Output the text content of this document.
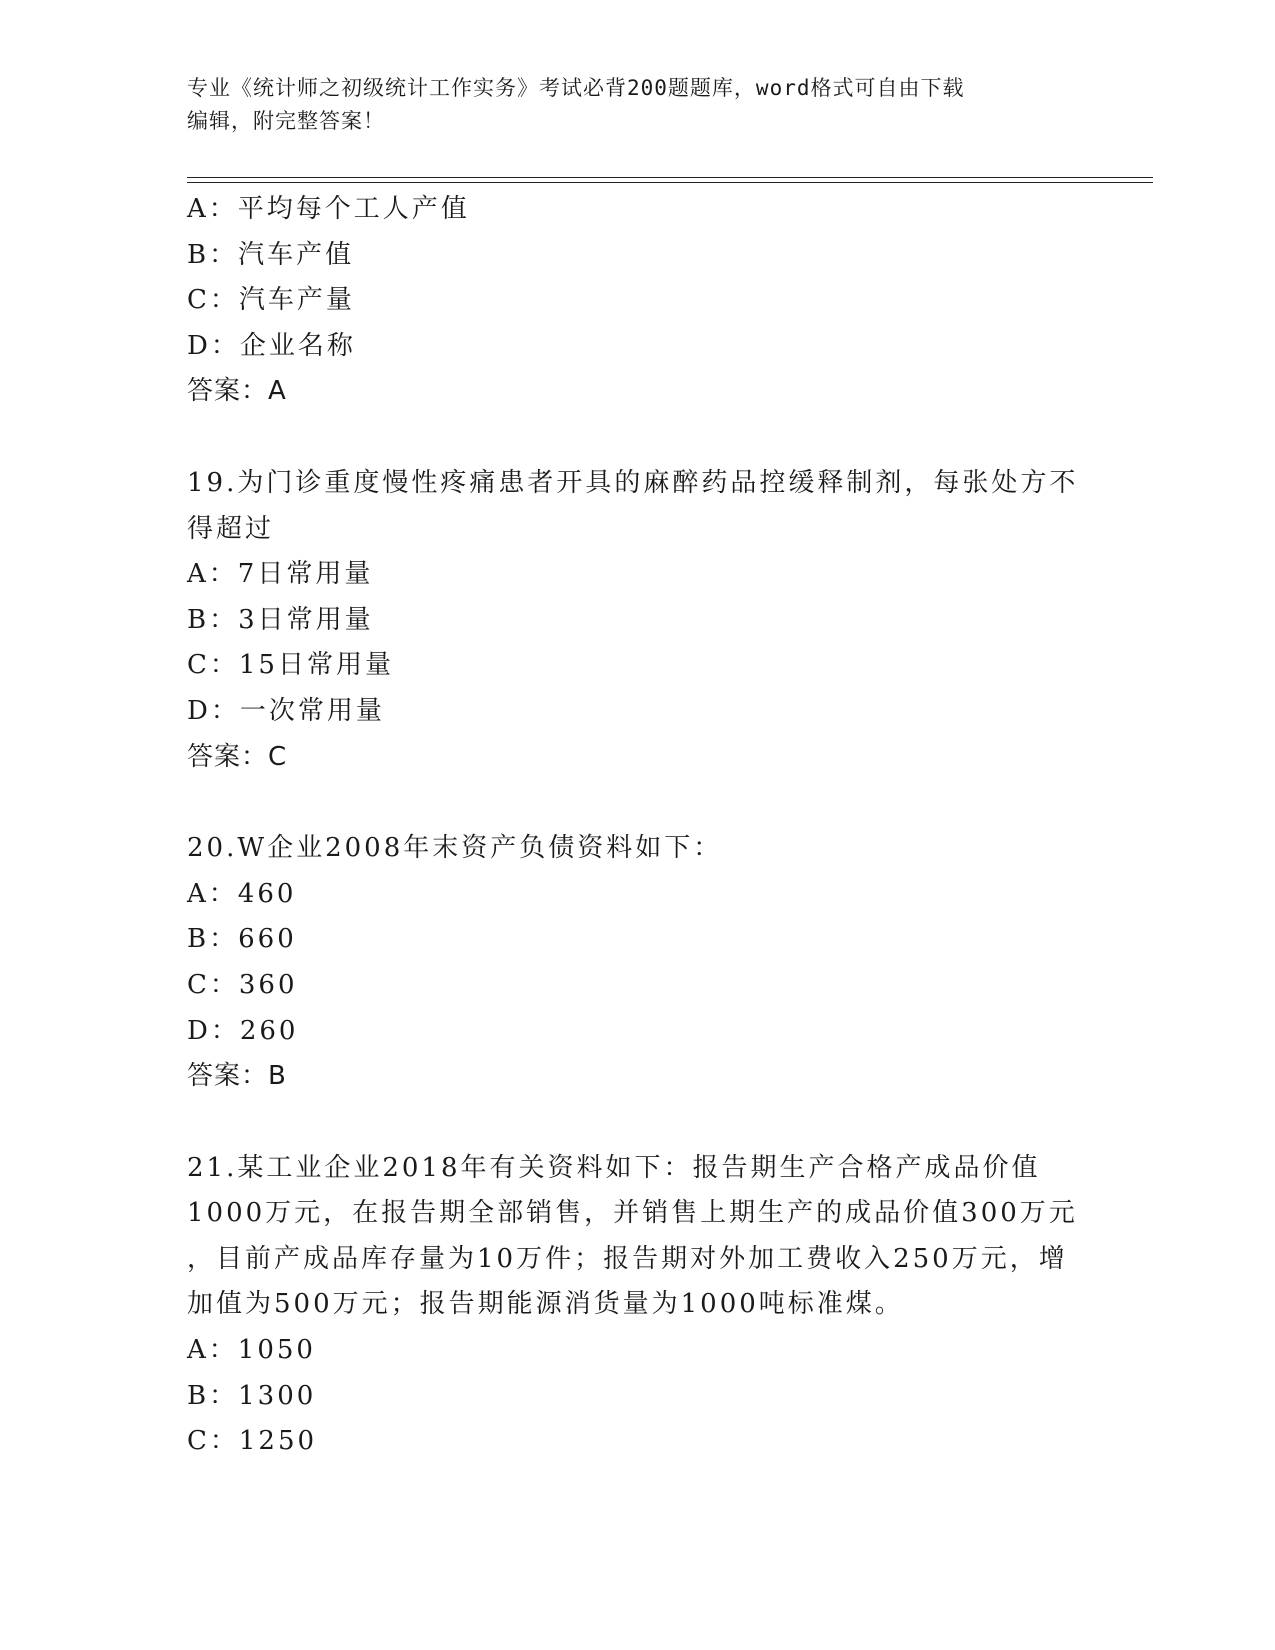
专业《统计师之初级统计工作实务》考试必背200题题库，word格式可自由下载
编辑，附完整答案！
A：平均每个工人产值
B：汽车产值
C：汽车产量
D：企业名称
答案：A
19.为门诊重度慢性疼痛患者开具的麻醉药品控缓释制剂，每张处方不
得超过
A：7日常用量
B：3日常用量
C：15日常用量
D：一次常用量
答案：C
20.W企业2008年末资产负债资料如下：
A：460
B：660
C：360
D：260
答案：B
21.某工业企业2018年有关资料如下：报告期生产合格产成品价值
1000万元，在报告期全部销售，并销售上期生产的成品价值300万元
，目前产成品库存量为10万件；报告期对外加工费收入250万元，增
加值为500万元；报告期能源消货量为1000吨标准煤。
A：1050
B：1300
C：1250
